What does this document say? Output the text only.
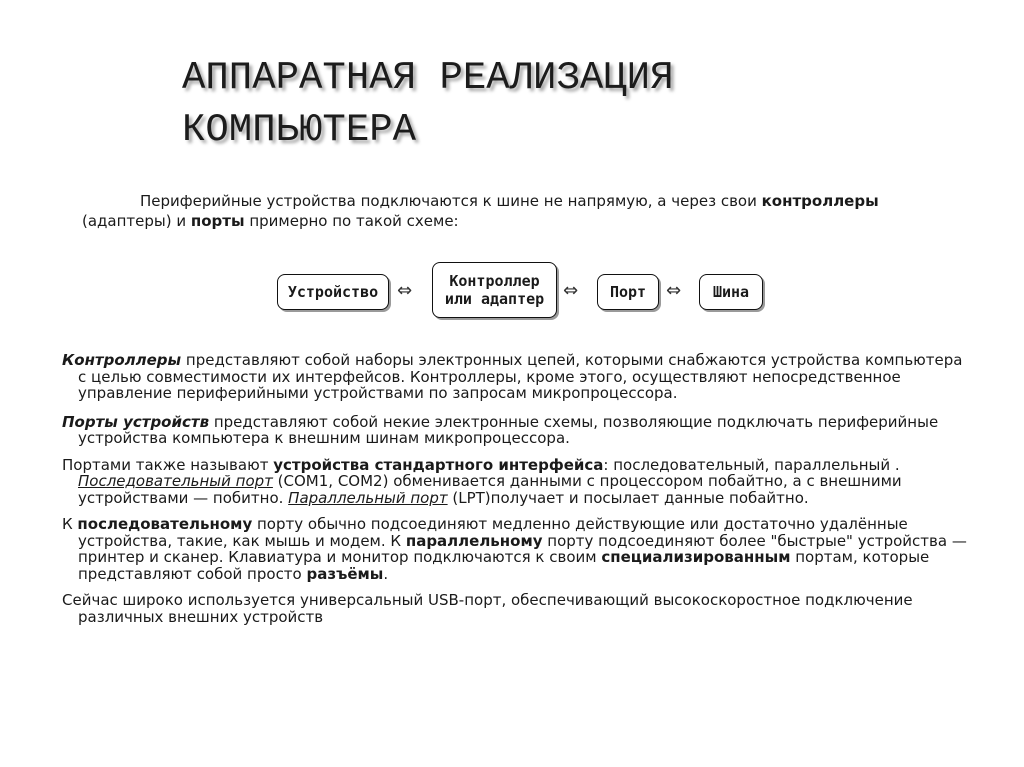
АППАРАТНАЯ РЕАЛИЗАЦИЯ
КОМПЬЮТЕРА
Периферийные устройства подключаются к шине не напрямую, а через свои контроллеры
(адаптеры) и порты примерно по такой схеме:
Устройство	⇔	Контроллер
или адаптер	⇔	Порт	⇔	Шина

Контроллеры представляют собой наборы электронных цепей, которыми снабжаются устройства компьютера с целью совместимости их интерфейсов. Контроллеры, кроме этого, осуществляют непосредственное управление периферийными устройствами по запросам микропроцессора.

Порты устройств представляют собой некие электронные схемы, позволяющие подключать периферийные устройства компьютера к внешним шинам микропроцессора.

Портами также называют устройства стандартного интерфейса: последовательный, параллельный . Последовательный порт (COM1, COM2) обменивается данными с процессором побайтно, а с внешними устройствами — побитно. Параллельный порт (LPT)получает и посылает данные побайтно.

К последовательному порту обычно подсоединяют медленно действующие или достаточно удалённые устройства, такие, как мышь и модем. К параллельному порту подсоединяют более "быстрые" устройства — принтер и сканер. Клавиатура и монитор подключаются к своим специализированным портам, которые представляют собой просто разъёмы.

Сейчас широко используется универсальный USB-порт, обеспечивающий высокоскоростное подключение различных внешних устройств
